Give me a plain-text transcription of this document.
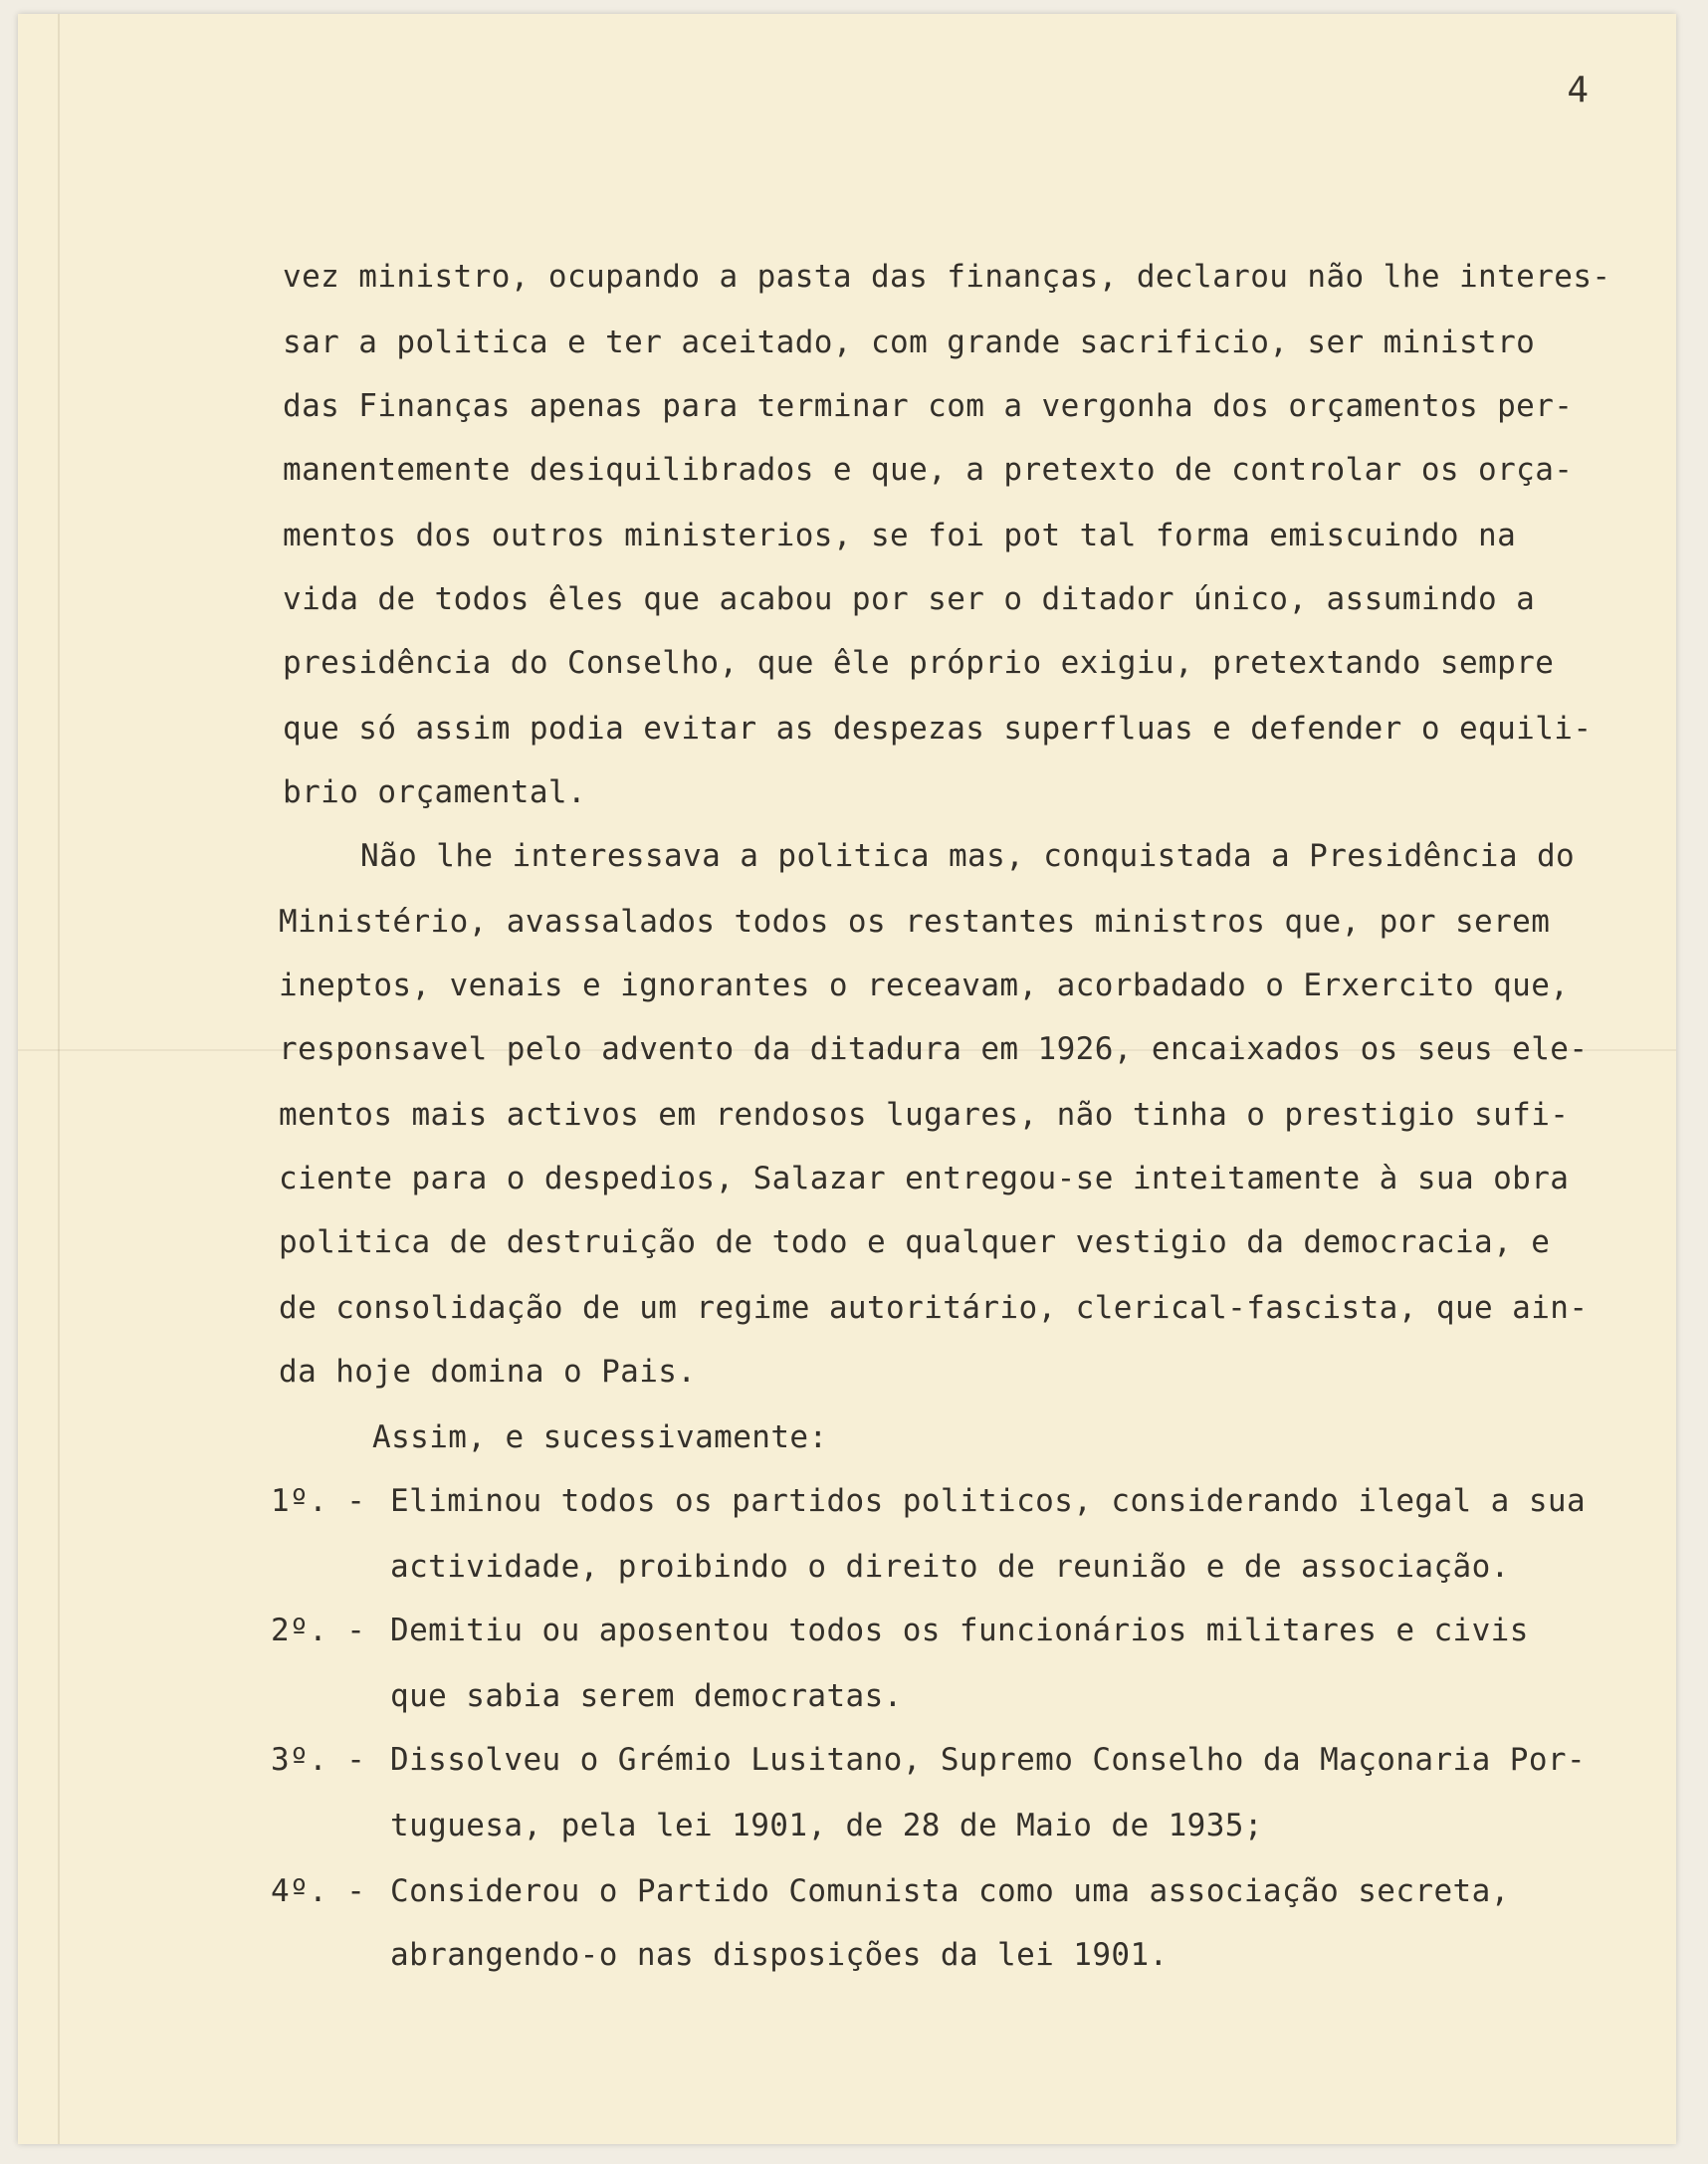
4

vez ministro, ocupando a pasta das finanças, declarou não lhe interes-

sar a politica e ter aceitado, com grande sacrificio, ser ministro

das Finanças apenas para terminar com a vergonha dos orçamentos per-

manentemente desiquilibrados e que, a pretexto de controlar os orça-

mentos dos outros ministerios, se foi pot tal forma emiscuindo na

vida de todos êles que acabou por ser o ditador único, assumindo a

presidência do Conselho, que êle próprio exigiu, pretextando sempre

que só assim podia evitar as despezas superfluas e defender o equili-

brio orçamental.

Não lhe interessava a politica mas, conquistada a Presidência do

Ministério, avassalados todos os restantes ministros que, por serem

ineptos, venais e ignorantes o receavam, acorbadado o Erxercito que,

responsavel pelo advento da ditadura em 1926, encaixados os seus ele-

mentos mais activos em rendosos lugares, não tinha o prestigio sufi-

ciente para o despedios, Salazar entregou-se inteitamente à sua obra

politica de destruição de todo e qualquer vestigio da democracia, e

de consolidação de um regime autoritário, clerical-fascista, que ain-

da hoje domina o Pais.

Assim, e sucessivamente:

1º. - Eliminou todos os partidos politicos, considerando ilegal a sua

actividade, proibindo o direito de reunião e de associação.

2º. - Demitiu ou aposentou todos os funcionários militares e civis

que sabia serem democratas.

3º. - Dissolveu o Grémio Lusitano, Supremo Conselho da Maçonaria Por-

tuguesa, pela lei 1901, de 28 de Maio de 1935;

4º. - Considerou o Partido Comunista como uma associação secreta,

abrangendo-o nas disposições da lei 1901.
